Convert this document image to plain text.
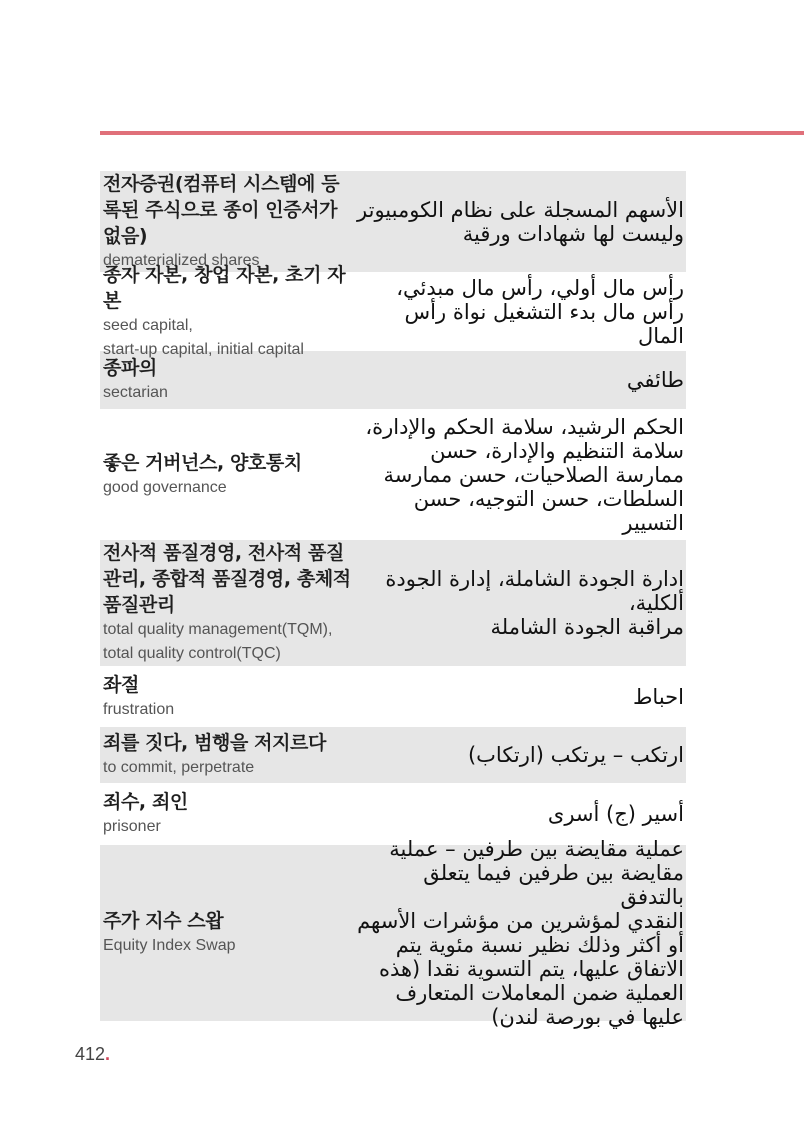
전자증권(컴퓨터 시스템에 등록된 주식으로 종이 인증서가 없음)
dematerialized shares
الأسهم المسجلة على نظام الكومبيوتر
وليست لها شهادات ورقية
종자 자본, 창업 자본, 초기 자본
seed capital,
start-up capital, initial capital
رأس مال أولي، رأس مال مبدئي،
رأس مال بدء التشغيل نواة رأس
المال
종파의
sectarian
طائفي
좋은 거버넌스, 양호통치
good governance
الحكم الرشيد، سلامة الحكم والإدارة،
سلامة التنظيم والإدارة، حسن
ممارسة الصلاحيات، حسن ممارسة
السلطات، حسن التوجيه، حسن
التسيير
전사적 품질경영, 전사적 품질관리, 종합적 품질경영, 총체적 품질관리
total quality management(TQM),
total quality control(TQC)
ادارة الجودة الشاملة، إدارة الجودة
ألكلية،
مراقبة الجودة الشاملة
좌절
frustration
احباط
죄를 짓다, 범행을 저지르다
to commit, perpetrate
ارتكب – يرتكب (ارتكاب)
죄수, 죄인
prisoner
أسير (ج) أسرى
주가 지수 스왑
Equity Index Swap
عملية مقايضة بين طرفين – عملية
مقايضة بين طرفين فيما يتعلق بالتدفق
النقدي لمؤشرين من مؤشرات الأسهم
أو أكثر وذلك نظير نسبة مئوية يتم
الاتفاق عليها، يتم التسوية نقدا (هذه
العملية ضمن المعاملات المتعارف
عليها في بورصة لندن)
412.
